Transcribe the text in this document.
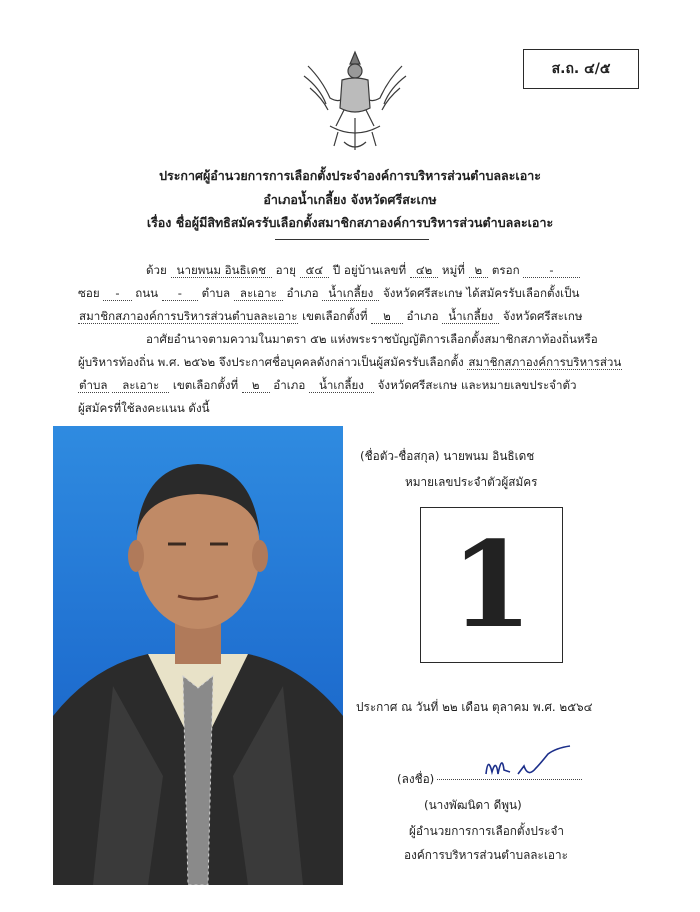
ส.ถ. ๔/๕
ประกาศผู้อำนวยการการเลือกตั้งประจำองค์การบริหารส่วนตำบลละเอาะ
อำเภอน้ำเกลี้ยง จังหวัดศรีสะเกษ
เรื่อง ชื่อผู้มีสิทธิสมัครรับเลือกตั้งสมาชิกสภาองค์การบริหารส่วนตำบลละเอาะ
ด้วย นายพนม อินธิเดช อายุ ๕๔ ปี อยู่บ้านเลขที่ ๔๒ หมู่ที่ ๒ ตรอก	-
ซอย - ถนน - ตำบล ละเอาะ อำเภอ น้ำเกลี้ยง จังหวัดศรีสะเกษ ได้สมัครรับเลือกตั้งเป็น
สมาชิกสภาองค์การบริหารส่วนตำบลละเอาะ เขตเลือกตั้งที่ ๒ อำเภอ น้ำเกลี้ยง จังหวัดศรีสะเกษ
อาศัยอำนาจตามความในมาตรา ๕๒ แห่งพระราชบัญญัติการเลือกตั้งสมาชิกสภาท้องถิ่นหรือ
ผู้บริหารท้องถิ่น พ.ศ. ๒๕๖๒ จึงประกาศชื่อบุคคลดังกล่าวเป็นผู้สมัครรับเลือกตั้ง สมาชิกสภาองค์การบริหารส่วน
ตำบล ละเอาะ เขตเลือกตั้งที่ ๒ อำเภอ น้ำเกลี้ยง จังหวัดศรีสะเกษ และหมายเลขประจำตัว
ผู้สมัครที่ใช้ลงคะแนน ดังนี้
(ชื่อตัว-ชื่อสกุล) นายพนม อินธิเดช
หมายเลขประจำตัวผู้สมัคร
1
ประกาศ ณ วันที่ ๒๒ เดือน ตุลาคม พ.ศ. ๒๕๖๔
(ลงชื่อ)
(นางพัฒนิดา ดีพูน)
ผู้อำนวยการการเลือกตั้งประจำ
องค์การบริหารส่วนตำบลละเอาะ
